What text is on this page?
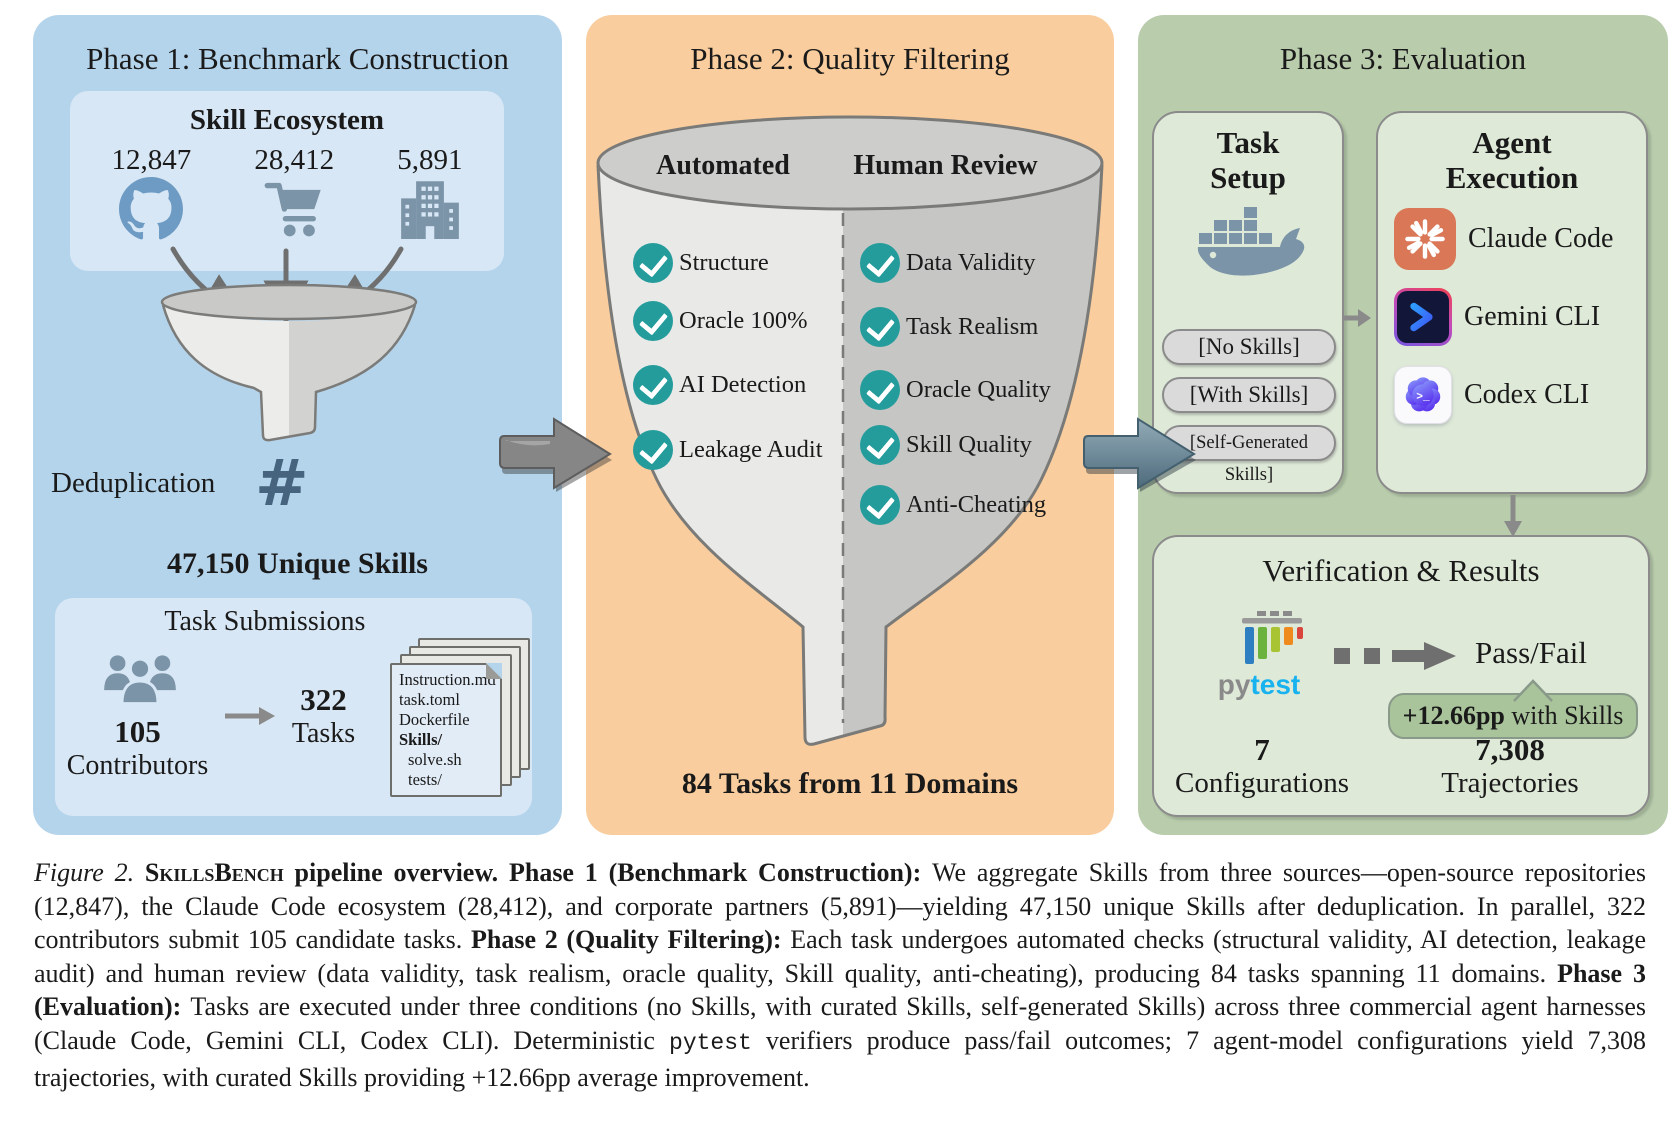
Phase 1: Benchmark Construction
Skill Ecosystem
12,847 28,412 5,891
Deduplication #
47,150 Unique Skills
Task Submissions
105
Contributors
322
Tasks
Instruction.md
task.toml
Dockerfile
Skills/
solve.sh
tests/
Phase 2: Quality Filtering
Automated	Human Review
Structure
Oracle 100%
AI Detection
Leakage Audit
Data Validity
Task Realism
Oracle Quality
Skill Quality
Anti-Cheating
84 Tasks from 11 Domains
Phase 3: Evaluation
Task
Setup
[No Skills]
[With Skills]
[Self-Generated Skills]
Agent
Execution
Claude Code
Gemini CLI
>_ Codex CLI
Verification & Results
pytest
Pass/Fail
+12.66pp with Skills
7
Configurations
7,308
Trajectories

Figure 2. SkillsBench pipeline overview. Phase 1 (Benchmark Construction): We aggregate Skills from three sources—open-source repositories (12,847), the Claude Code ecosystem (28,412), and corporate partners (5,891)—yielding 47,150 unique Skills after deduplication. In parallel, 322 contributors submit 105 candidate tasks. Phase 2 (Quality Filtering): Each task undergoes automated checks (structural validity, AI detection, leakage audit) and human review (data validity, task realism, oracle quality, Skill quality, anti-cheating), producing 84 tasks spanning 11 domains. Phase 3 (Evaluation): Tasks are executed under three conditions (no Skills, with curated Skills, self-generated Skills) across three commercial agent harnesses (Claude Code, Gemini CLI, Codex CLI). Deterministic pytest verifiers produce pass/fail outcomes; 7 agent-model configurations yield 7,308 trajectories, with curated Skills providing +12.66pp average improvement.
